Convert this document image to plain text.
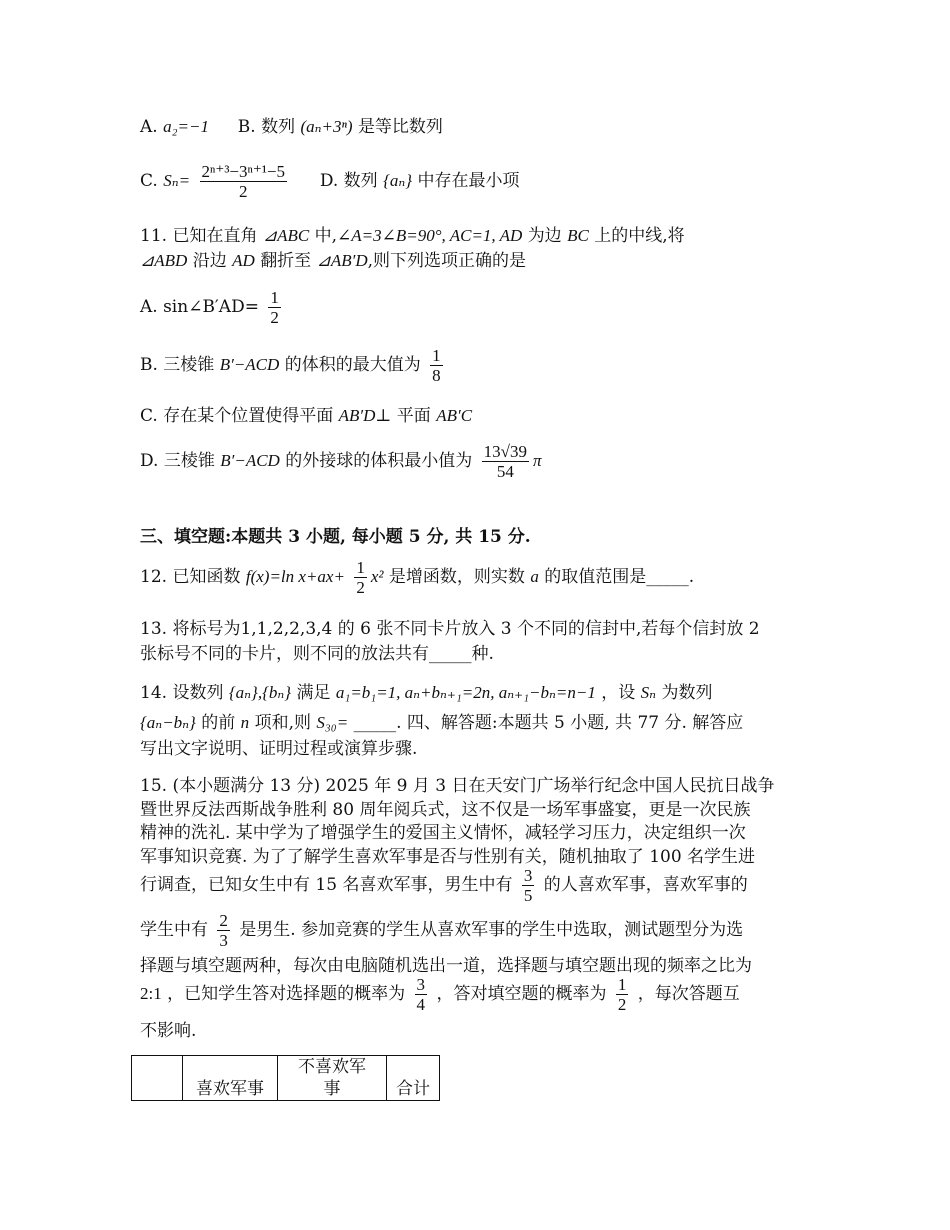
A. a₂=−1 B. 数列 (aₙ+3ⁿ) 是等比数列
C. $S_n= \frac{\text{2ⁿ⁺³−3ⁿ⁺¹−5}}{2} D$. 数列 {aₙ} 中存在最小项
11. 已知在直角 ⊿ABC 中,∠A=3∠B=90°, AC=1, AD 为边 BC 上的中线,将
⊿ABD 沿边 AD 翻折至 ⊿AB′D,则下列选项正确的是
A. sin∠B′AD= $\frac{1}{2}$
B. 三棱锥 B′−ACD 的体积的最大值为 $\frac{1}{8}$
C. 存在某个位置使得平面 AB′D⊥ 平面 AB′C
D. 三棱锥 B′−ACD 的外接球的体积最小值为 $\frac{13√39}{54}$ π
三、填空题:本题共 3 小题, 每小题 5 分, 共 15 分.
12. 已知函数 f(x)=ln $x+ax+ \frac{1}{2} x^2$ 是增函数，则实数 a 的取值范围是_____.
13. 将标号为1,1,2,2,3,4 的 6 张不同卡片放入 3 个不同的信封中,若每个信封放 2
张标号不同的卡片，则不同的放法共有_____种.
14. 设数列 {aₙ},{bₙ} 满足 a₁=b₁=1, aₙ+bₙ₊₁=2n, aₙ₊₁−bₙ=n−1 ，设 Sₙ 为数列
{aₙ−bₙ} 的前 n 项和,则 S₃₀= _____. 四、解答题:本题共 5 小题, 共 77 分. 解答应
写出文字说明、证明过程或演算步骤.
15. (本小题满分 13 分) 2025 年 9 月 3 日在天安门广场举行纪念中国人民抗日战争
暨世界反法西斯战争胜利 80 周年阅兵式，这不仅是一场军事盛宴，更是一次民族
精神的洗礼. 某中学为了增强学生的爱国主义情怀，减轻学习压力，决定组织一次
军事知识竞赛. 为了了解学生喜欢军事是否与性别有关，随机抽取了 100 名学生进
行调查，已知女生中有 15 名喜欢军事，男生中有 $\frac{3}{5}$ 的人喜欢军事，喜欢军事的
学生中有 $\frac{2}{3}$ 是男生. 参加竞赛的学生从喜欢军事的学生中选取，测试题型分为选
择题与填空题两种，每次由电脑随机选出一道，选择题与填空题出现的频率之比为
2:1 ，已知学生答对选择题的概率为 $\frac{3}{4}$ ，答对填空题的概率为 $\frac{1}{2}$ ，每次答题互
不影响.
	喜欢军事	
不喜欢军
事	合计
